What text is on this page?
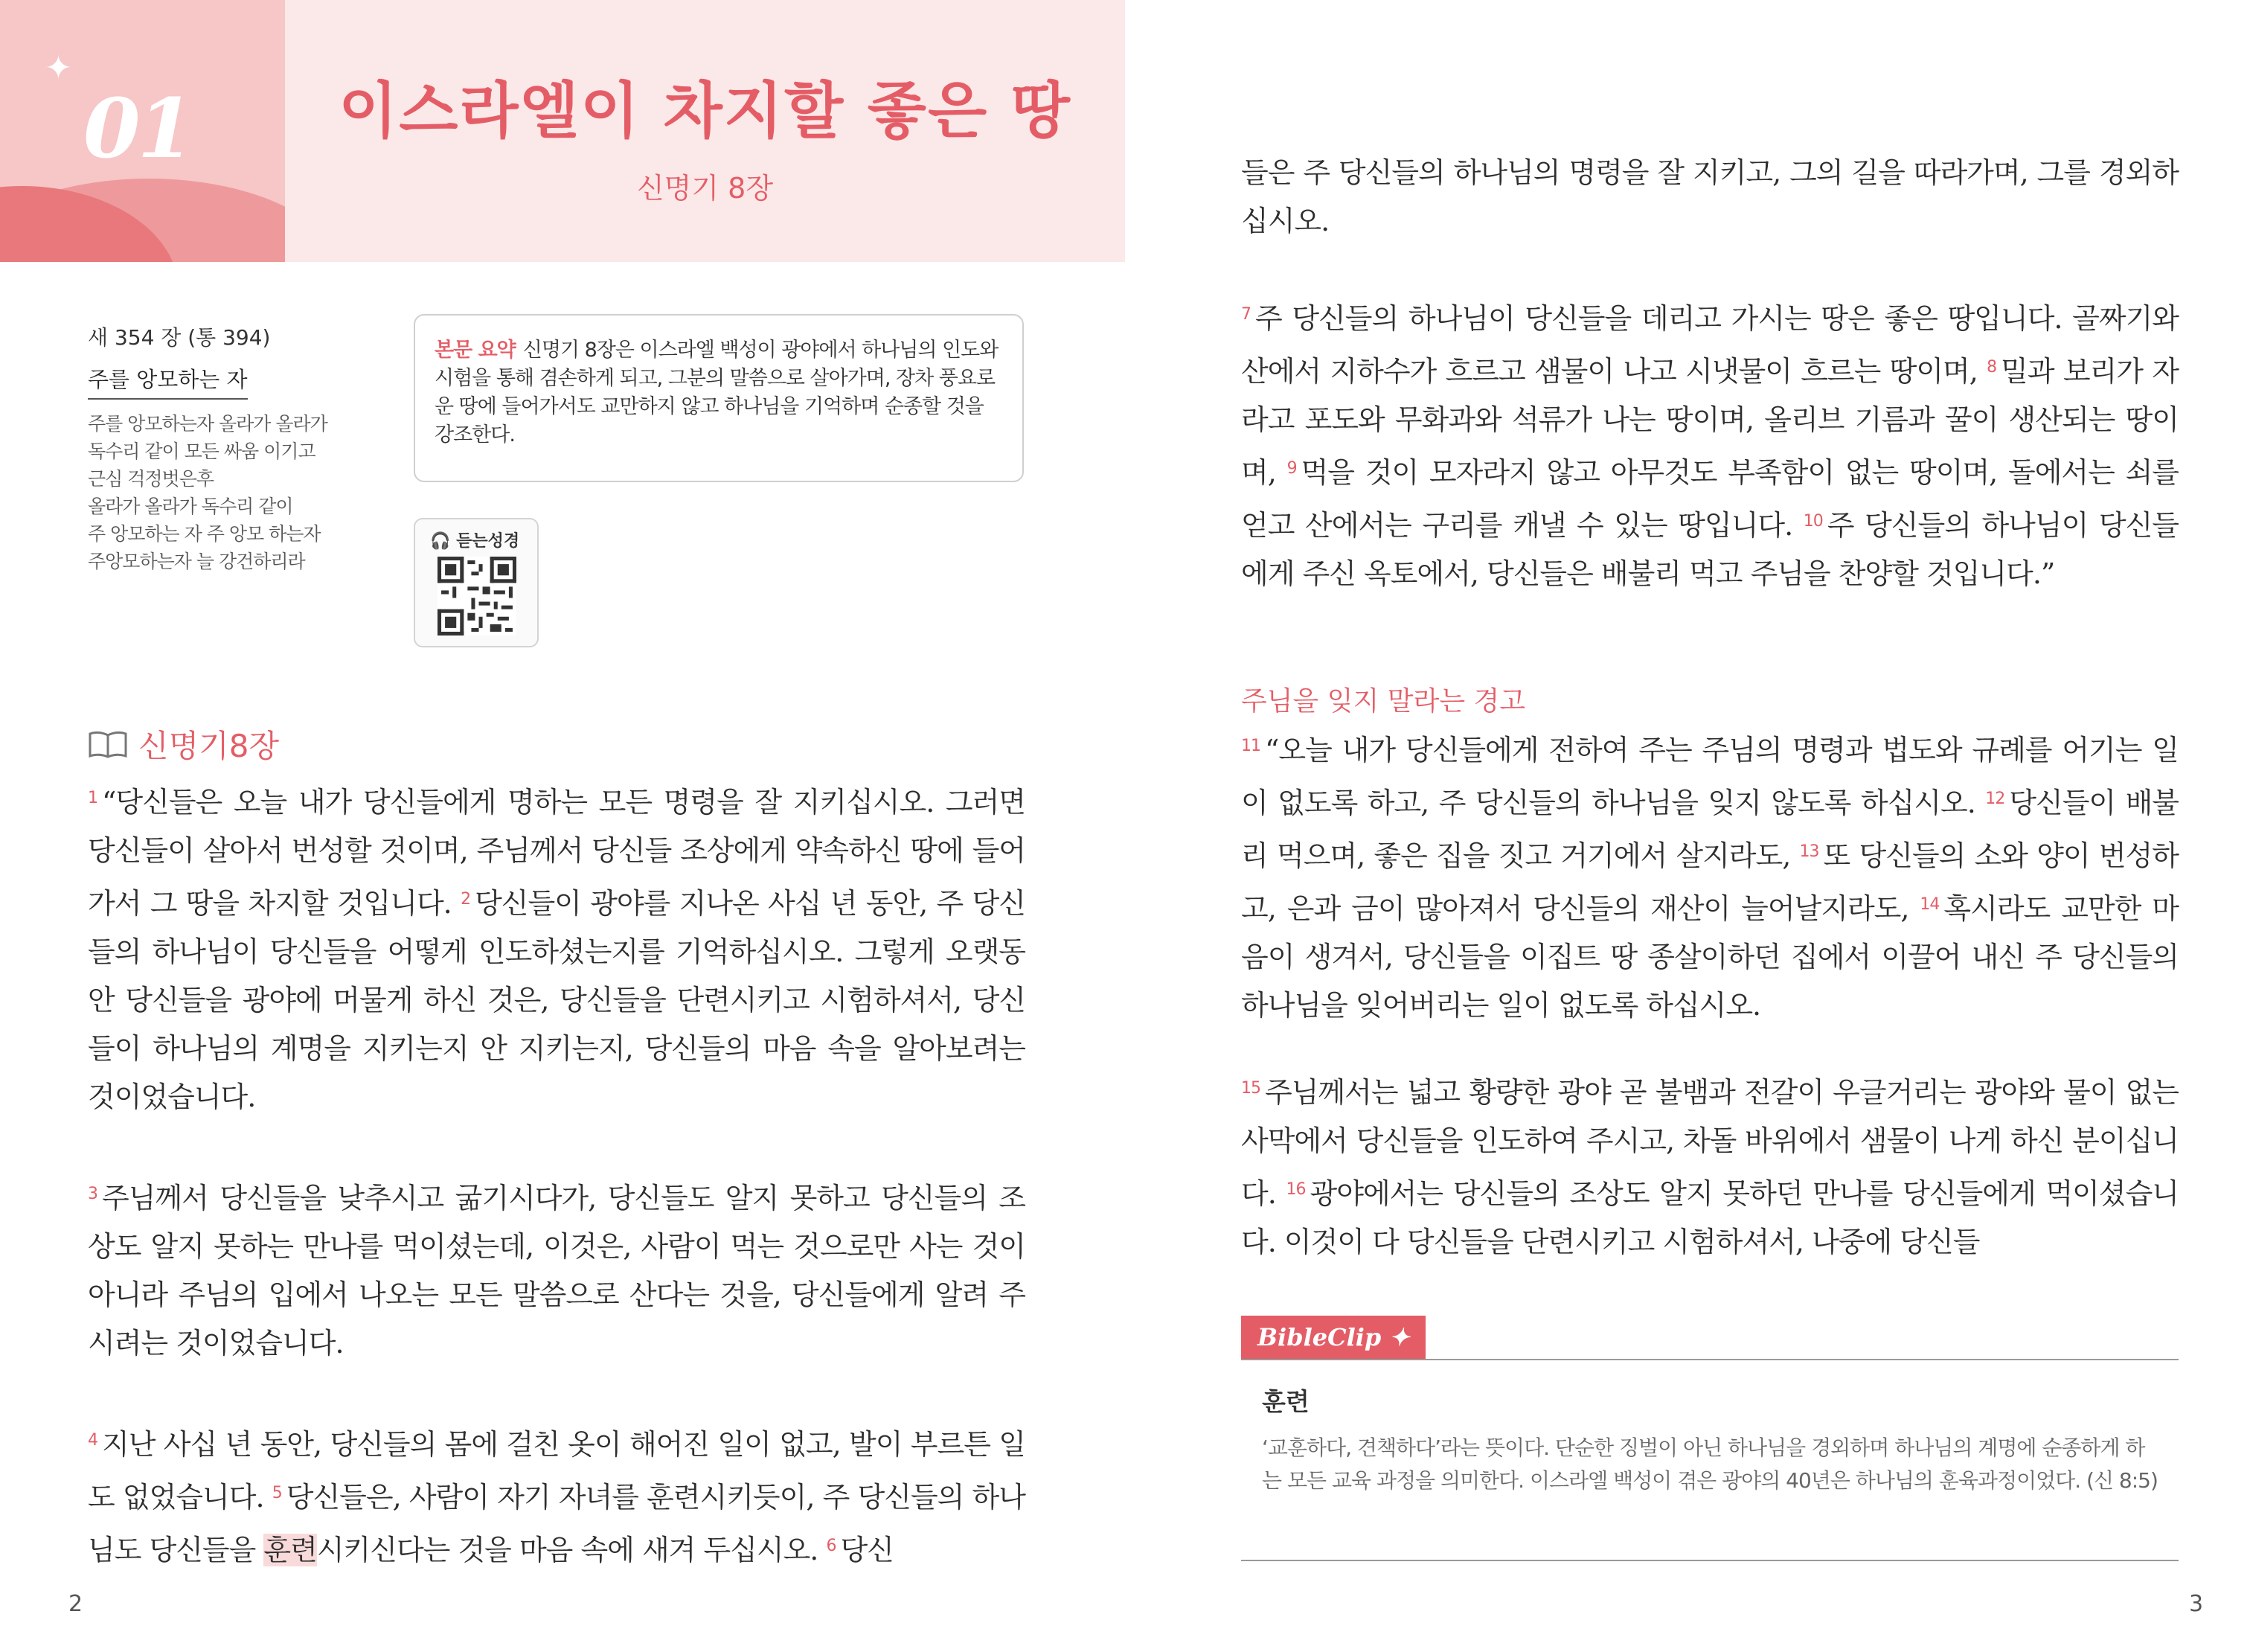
✦
01	이스라엘이 차지할 좋은 땅
신명기 8장
새 354 장 (통 394)
주를 앙모하는 자
주를 앙모하는자 올라가 올라가
독수리 같이 모든 싸움 이기고
근심 걱정벗은후
올라가 올라가 독수리 같이
주 앙모하는 자 주 앙모 하는자
주앙모하는자 늘 강건하리라
본문 요약 신명기 8장은 이스라엘 백성이 광야에서 하나님의 인도와 시험을 통해 겸손하게 되고, 그분의 말씀으로 살아가며, 장차 풍요로운 땅에 들어가서도 교만하지 않고 하나님을 기억하며 순종할 것을 강조한다.
🎧 듣는성경
신명기8장

$^1$ “당신들은 오늘 내가 당신들에게 명하는 모든 명령을 잘 지키십시오. 그러면 당신들이 살아서 번성할 것이며, 주님께서 당신들 조상에게 약속하신 땅에 들어가서 그 땅을 차지할 것입니다. $^2$ 당신들이 광야를 지나온 사십 년 동안, 주 당신들의 하나님이 당신들을 어떻게 인도하셨는지를 기억하십시오. 그렇게 오랫동안 당신들을 광야에 머물게 하신 것은, 당신들을 단련시키고 시험하셔서, 당신들이 하나님의 계명을 지키는지 안 지키는지, 당신들의 마음 속을 알아보려는 것이었습니다.

$^3$ 주님께서 당신들을 낮추시고 굶기시다가, 당신들도 알지 못하고 당신들의 조상도 알지 못하는 만나를 먹이셨는데, 이것은, 사람이 먹는 것으로만 사는 것이 아니라 주님의 입에서 나오는 모든 말씀으로 산다는 것을, 당신들에게 알려 주시려는 것이었습니다.

$^4$ 지난 사십 년 동안, 당신들의 몸에 걸친 옷이 해어진 일이 없고, 발이 부르튼 일도 없었습니다. $^5$ 당신들은, 사람이 자기 자녀를 훈련시키듯이, 주 당신들의 하나님도 당신들을 훈련시키신다는 것을 마음 속에 새겨 두십시오. $^6$ 당신

2

들은 주 당신들의 하나님의 명령을 잘 지키고, 그의 길을 따라가며, 그를 경외하십시오.

$^7$ 주 당신들의 하나님이 당신들을 데리고 가시는 땅은 좋은 땅입니다. 골짜기와 산에서 지하수가 흐르고 샘물이 나고 시냇물이 흐르는 땅이며, $^8$ 밀과 보리가 자라고 포도와 무화과와 석류가 나는 땅이며, 올리브 기름과 꿀이 생산되는 땅이며, $^9$ 먹을 것이 모자라지 않고 아무것도 부족함이 없는 땅이며, 돌에서는 쇠를 얻고 산에서는 구리를 캐낼 수 있는 땅입니다. $^{10}$ 주 당신들의 하나님이 당신들에게 주신 옥토에서, 당신들은 배불리 먹고 주님을 찬양할 것입니다.”

주님을 잊지 말라는 경고

$^{11}$ “오늘 내가 당신들에게 전하여 주는 주님의 명령과 법도와 규례를 어기는 일이 없도록 하고, 주 당신들의 하나님을 잊지 않도록 하십시오. $^{12}$ 당신들이 배불리 먹으며, 좋은 집을 짓고 거기에서 살지라도, $^{13}$ 또 당신들의 소와 양이 번성하고, 은과 금이 많아져서 당신들의 재산이 늘어날지라도, $^{14}$ 혹시라도 교만한 마음이 생겨서, 당신들을 이집트 땅 종살이하던 집에서 이끌어 내신 주 당신들의 하나님을 잊어버리는 일이 없도록 하십시오.

$^{15}$ 주님께서는 넓고 황량한 광야 곧 불뱀과 전갈이 우글거리는 광야와 물이 없는 사막에서 당신들을 인도하여 주시고, 차돌 바위에서 샘물이 나게 하신 분이십니다. $^{16}$ 광야에서는 당신들의 조상도 알지 못하던 만나를 당신들에게 먹이셨습니다. 이것이 다 당신들을 단련시키고 시험하셔서, 나중에 당신들

BibleClip ✦
훈련
‘교훈하다, 견책하다’라는 뜻이다. 단순한 징벌이 아닌 하나님을 경외하며 하나님의 계명에 순종하게 하는 모든 교육 과정을 의미한다. 이스라엘 백성이 겪은 광야의 40년은 하나님의 훈육과정이었다. (신 8:5)
3
